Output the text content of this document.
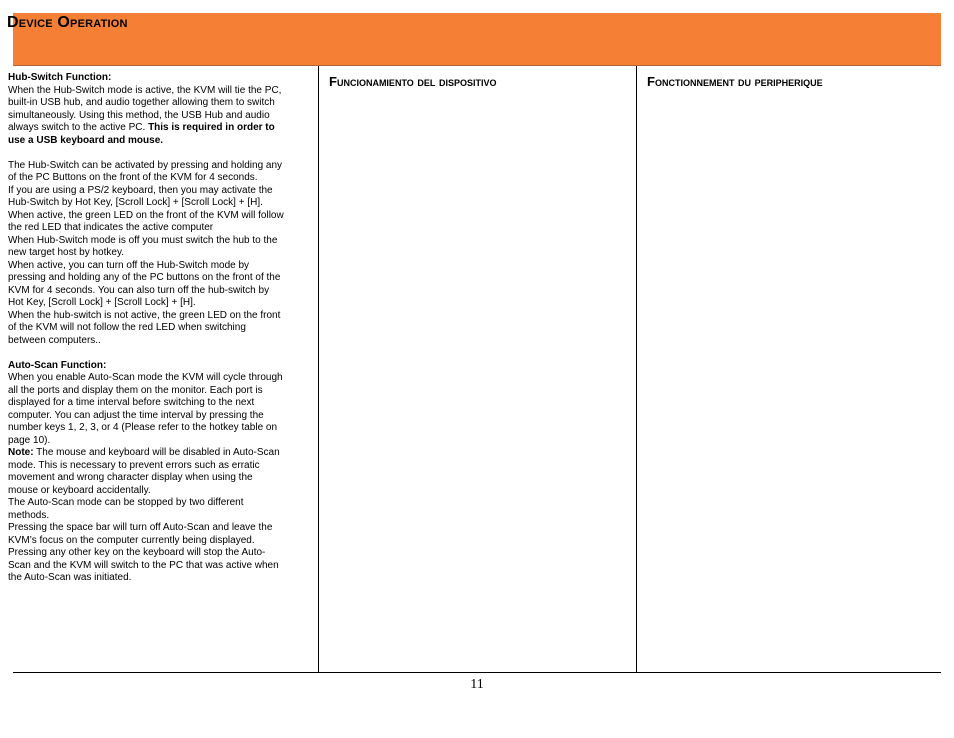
Device Operation
Hub-Switch Function:
When the Hub-Switch mode is active, the KVM will tie the PC,
built-in USB hub, and audio together allowing them to switch
simultaneously. Using this method, the USB Hub and audio
always switch to the active PC. This is required in order to
use a USB keyboard and mouse.
The Hub-Switch can be activated by pressing and holding any
of the PC Buttons on the front of the KVM for 4 seconds.
If you are using a PS/2 keyboard, then you may activate the
Hub-Switch by Hot Key, [Scroll Lock] + [Scroll Lock] + [H].
When active, the green LED on the front of the KVM will follow
the red LED that indicates the active computer
When Hub-Switch mode is off you must switch the hub to the
new target host by hotkey.
When active, you can turn off the Hub-Switch mode by
pressing and holding any of the PC buttons on the front of the
KVM for 4 seconds. You can also turn off the hub-switch by
Hot Key, [Scroll Lock] + [Scroll Lock] + [H].
When the hub-switch is not active, the green LED on the front
of the KVM will not follow the red LED when switching
between computers..
Auto-Scan Function:
When you enable Auto-Scan mode the KVM will cycle through
all the ports and display them on the monitor. Each port is
displayed for a time interval before switching to the next
computer. You can adjust the time interval by pressing the
number keys 1, 2, 3, or 4 (Please refer to the hotkey table on
page 10).
Note: The mouse and keyboard will be disabled in Auto-Scan
mode. This is necessary to prevent errors such as erratic
movement and wrong character display when using the
mouse or keyboard accidentally.
The Auto-Scan mode can be stopped by two different
methods.
Pressing the space bar will turn off Auto-Scan and leave the
KVM’s focus on the computer currently being displayed.
Pressing any other key on the keyboard will stop the Auto-
Scan and the KVM will switch to the PC that was active when
the Auto-Scan was initiated.
Funcionamiento del dispositivo	Fonctionnement du peripherique
11
